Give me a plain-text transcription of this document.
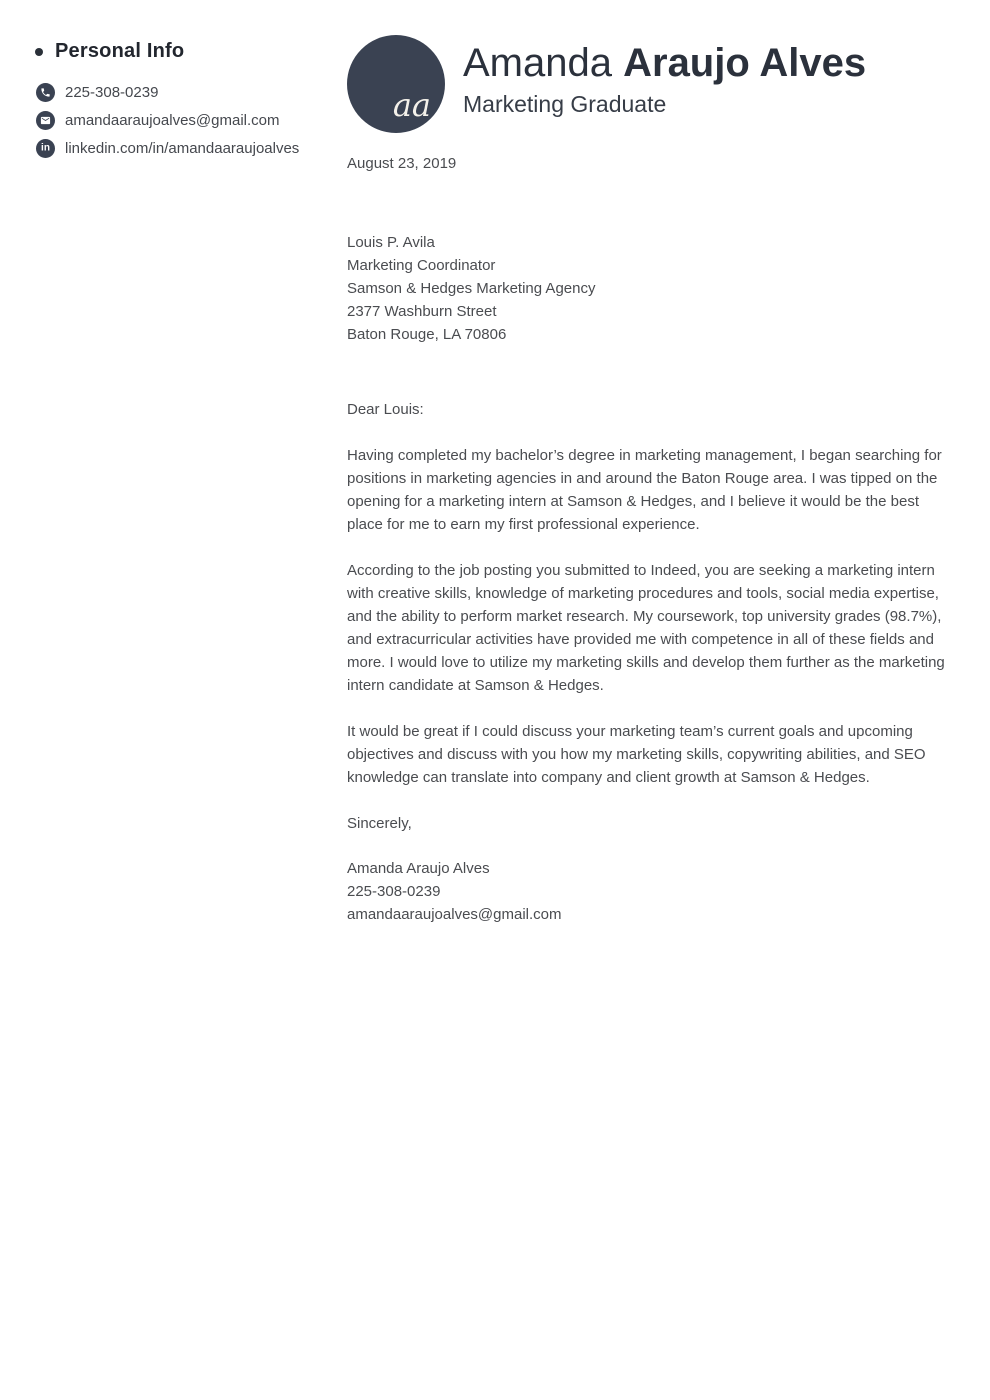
Personal Info
225-308-0239
amandaaraujoalves@gmail.com
in linkedin.com/in/amandaaraujoalves
aa
Amanda Araujo Alves
Marketing Graduate
August 23, 2019
Louis P. Avila
Marketing Coordinator
Samson & Hedges Marketing Agency
2377 Washburn Street
Baton Rouge, LA 70806
Dear Louis:

Having completed my bachelor’s degree in marketing management, I began searching for positions in marketing agencies in and around the Baton Rouge area. I was tipped on the opening for a marketing intern at Samson & Hedges, and I believe it would be the best place for me to earn my first professional experience.

According to the job posting you submitted to Indeed, you are seeking a marketing intern with creative skills, knowledge of marketing procedures and tools, social media expertise, and the ability to perform market research. My coursework, top university grades (98.7%), and extracurricular activities have provided me with competence in all of these fields and more. I would love to utilize my marketing skills and develop them further as the marketing intern candidate at Samson & Hedges.

It would be great if I could discuss your marketing team’s current goals and upcoming objectives and discuss with you how my marketing skills, copywriting abilities, and SEO knowledge can translate into company and client growth at Samson & Hedges.

Sincerely,
Amanda Araujo Alves
225-308-0239
amandaaraujoalves@gmail.com
